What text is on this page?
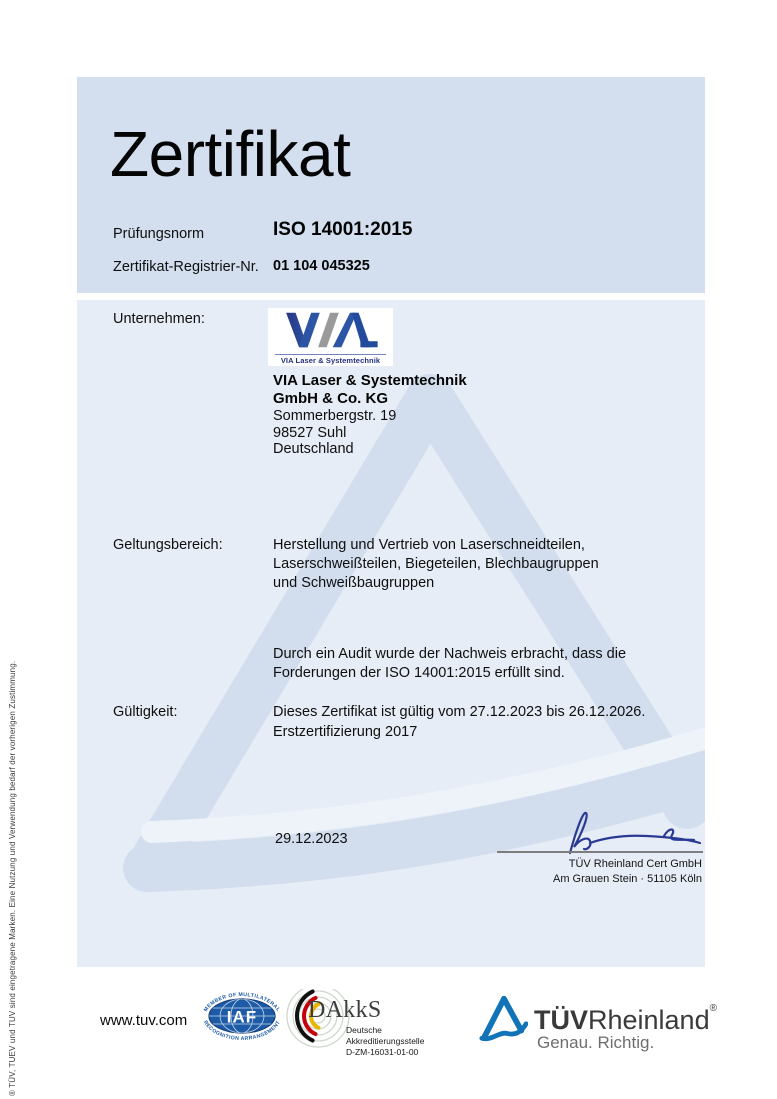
® TÜV, TUEV und TUV sind eingetragene Marken. Eine Nutzung und Verwendung bedarf der vorherigen Zustimmung.
Zertifikat
Prüfungsnorm	ISO 14001:2015
Zertifikat-Registrier-Nr. 01 104 045325
Unternehmen:
VIA Laser & Systemtechnik
VIA Laser & Systemtechnik
GmbH & Co. KG
Sommerbergstr. 19
98527 Suhl
Deutschland
Geltungsbereich:	Herstellung und Vertrieb von Laserschneidteilen,
Laserschweißteilen, Biegeteilen, Blechbaugruppen
und Schweißbaugruppen
Durch ein Audit wurde der Nachweis erbracht, dass die
Forderungen der ISO 14001:2015 erfüllt sind.
Gültigkeit:	Dieses Zertifikat ist gültig vom 27.12.2023 bis 26.12.2026.
Erstzertifizierung 2017
29.12.2023
TÜV Rheinland Cert GmbH
Am Grauen Stein · 51105 Köln
www.tuv.com
MEMBER OF MULTILATERAL
IAF
RECOGNITION ARRANGEMENT DAkkS
Deutsche
Akkreditierungsstelle
D-ZM-16031-01-00
TÜVRheinland®
Genau. Richtig.
